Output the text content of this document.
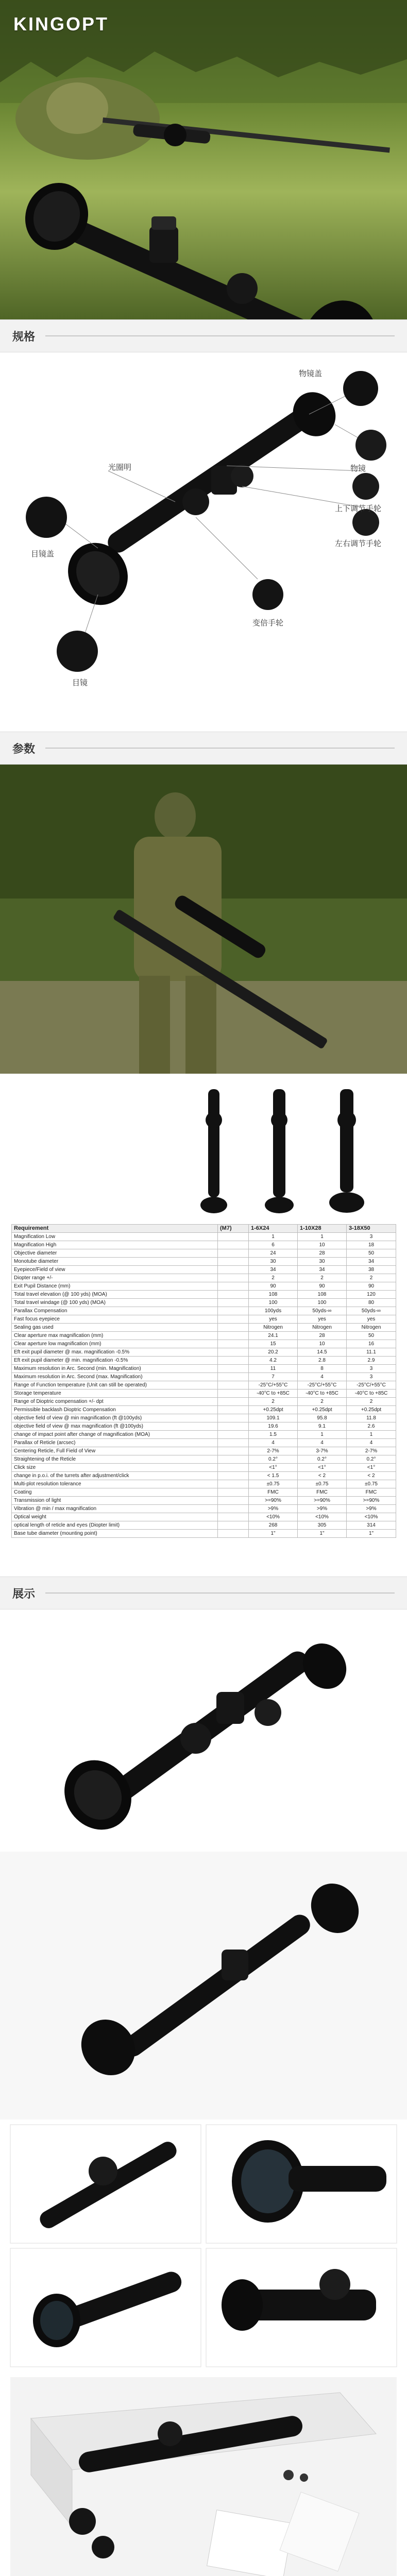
KINGOPT
规格
物镜盖
物镜
光圈明
目镜盖
上下调节手轮
左右调节手轮
变倍手轮
目镜
参数
Requirement	(M7)	1-6X24	1-10X28	3-18X50
Magnification Low		1	1	3
Magnification High		6	10	18
Objective diameter		24	28	50
Monotube diameter		30	30	34
Eyepiece/Field of view		34	34	38
Diopter range +/-		2	2	2
Exit Pupil Distance (mm)		90	90	90
Total travel elevation (@ 100 yds) (MOA)		108	108	120
Total travel windage (@ 100 yds) (MOA)		100	100	80
Parallax Compensation		100yds	50yds-∞	50yds-∞
Fast focus eyepiece		yes	yes	yes
Sealing gas used		Nitrogen	Nitrogen	Nitrogen
Clear aperture max magnification (mm)		24.1	28	50
Clear aperture low magnification (mm)		15	10	16
Eft exit pupil diameter @ max. magnification -0.5%		20.2	14.5	11.1
Eft exit pupil diameter @ min. magnification -0.5%		4.2	2.8	2.9
Maximum resolution in Arc. Second (min. Magnification)		11	8	3
Maximum resolution in Arc. Second (max. Magnification)		7	4	3
Range of Function temperature (Unit can still be operated)		-25°C/+55°C	-25°C/+55°C	-25°C/+55°C
Storage temperature		-40°C to +85C	-40°C to +85C	-40°C to +85C
Range of Dioptric compensation +/- dpt		2	2	2
Permissible backlash Dioptric Compensation		+0.25dpt	+0.25dpt	+0.25dpt
objective field of view @ min magnification (ft @100yds)		109.1	95.8	11.8
objective field of view @ max magnification (ft @100yds)		19.6	9.1	2.6
change of impact point after change of magnification (MOA)		1.5	1	1
Parallax of Reticle (arcsec)		4	4	4
Centering Reticle, Full Field of View		2-7%	3-7%	2-7%
Straightening of the Reticle		0.2°	0.2°	0.2°
Click size		<1°	<1°	<1°
change in p.o.i. of the turrets after adjustment/click		< 1.5	< 2	< 2
Multi-plot resolution tolerance		±0.75	±0.75	±0.75
Coating		FMC	FMC	FMC
Transmission of light		>=90%	>=90%	>=90%
Vibration @ min / max magnification		>9%	>9%	>9%
Optical weight		<10%	<10%	<10%
optical length of reticle and eyes (Diopter limit)		268	305	314
Base tube diameter (mounting point)		1"	1"	1"
展示
